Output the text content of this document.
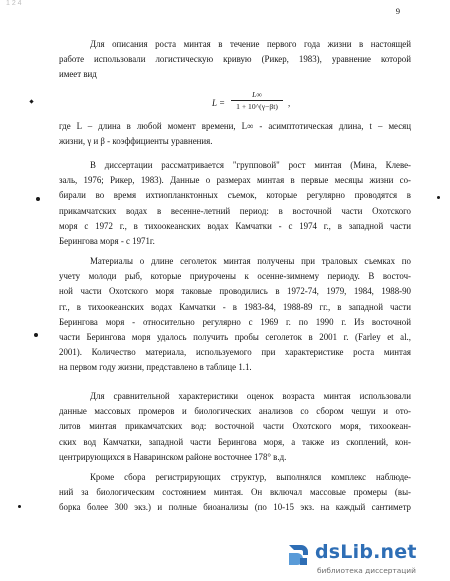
1 2 4
9
Для описания роста минтая в течение первого года жизни в настоящей
работе использовали логистическую кривую (Рикер, 1983), уравнение которой
имеет вид
L =
L∞
1 + 10^(γ−βt)	,
где L – длина в любой момент времени, L∞ - асимптотическая длина, t – месяц
жизни, γ и β - коэффициенты уравнения.
В диссертации рассматривается "групповой" рост минтая (Мина, Клеве-
заль, 1976; Рикер, 1983). Данные о размерах минтая в первые месяцы жизни со-
бирали во время ихтиопланктонных съемок, которые регулярно проводятся в
прикамчатских водах в весенне-летний период: в восточной части Охотского
моря с 1972 г., в тихоокеанских водах Камчатки - с 1974 г., в западной части
Берингова моря - с 1971г.
Материалы о длине сеголеток минтая получены при траловых съемках по
учету молоди рыб, которые приурочены к осенне-зимнему периоду. В восточ-
ной части Охотского моря таковые проводились в 1972-74, 1979, 1984, 1988-90
гг., в тихоокеанских водах Камчатки - в 1983-84, 1988-89 гг., в западной части
Берингова моря - относительно регулярно с 1969 г. по 1990 г. Из восточной
части Берингова моря удалось получить пробы сеголеток в 2001 г. (Farley et al.,
2001). Количество материала, используемого при характеристике роста минтая
на первом году жизни, представлено в таблице 1.1.
Для сравнительной характеристики оценок возраста минтая использовали
данные массовых промеров и биологических анализов со сбором чешуи и ото-
литов минтая прикамчатских вод: восточной части Охотского моря, тихоокеан-
ских вод Камчатки, западной части Берингова моря, а также из скоплений, кон-
центрирующихся в Наваринском районе восточнее 178° в.д.
Кроме сбора регистрирующих структур, выполнялся комплекс наблюде-
ний за биологическим состоянием минтая. Он включал массовые промеры (вы-
борка более 300 экз.) и полные биоанализы (по 10-15 экз. на каждый сантиметр
dsLib.net
библиотека диссертаций
